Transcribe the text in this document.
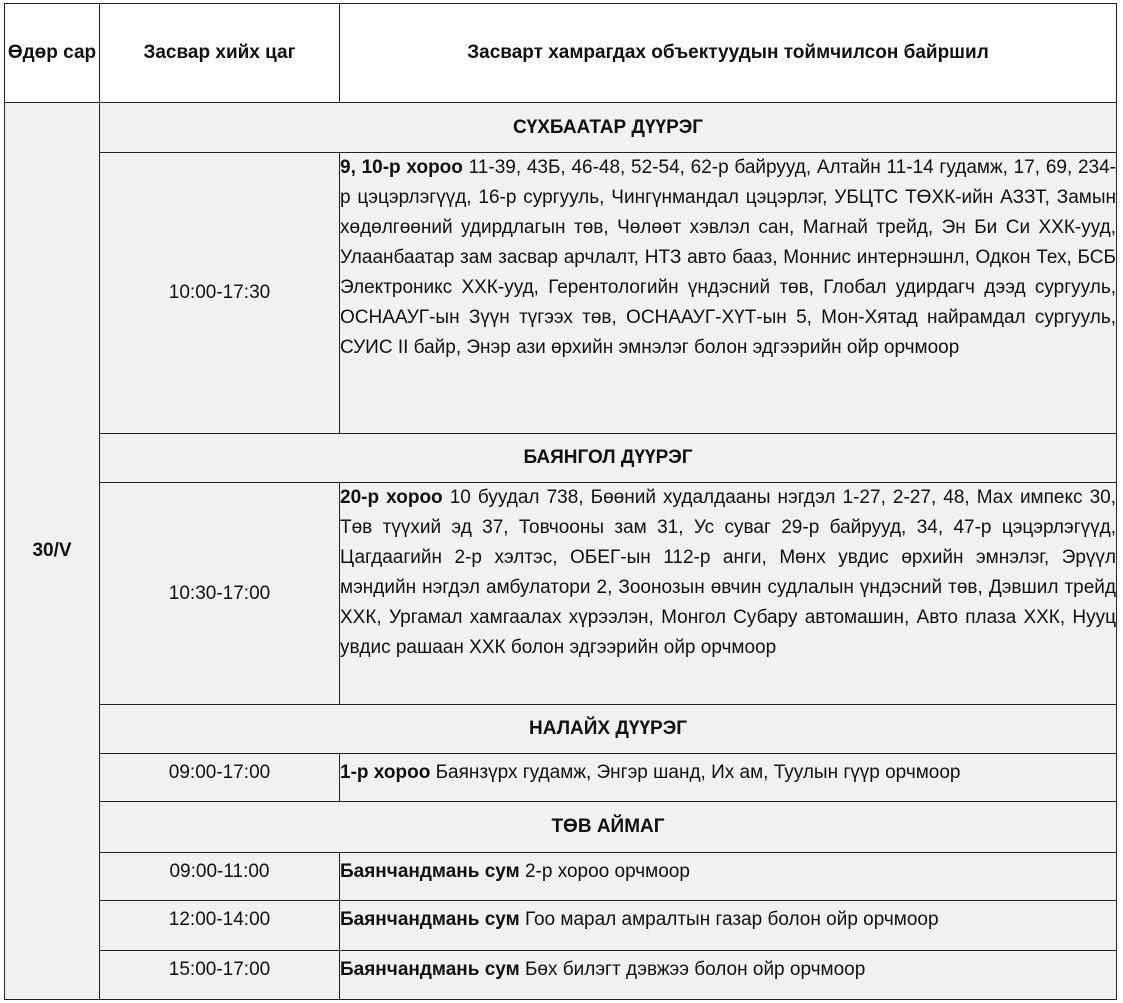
Өдөр сар	Засвар хийх цаг	Засварт хамрагдах объектуудын тоймчилсон байршил
30/V	СҮХБААТАР ДҮҮРЭГ	
	10:00-17:30	9, 10-р хороо 11-39, 43Б, 46-48, 52-54, 62-р байрууд, Алтайн 11-14 гудамж, 17, 69, 234-р цэцэрлэгүүд, 16-р сургууль, Чингүнмандал цэцэрлэг, УБЦТС ТӨХК-ийн АЗЗТ, Замын хөдөлгөөний удирдлагын төв, Чөлөөт хэвлэл сан, Магнай трейд, Эн Би Си ХХК-ууд, Улаанбаатар зам засвар арчлалт, НТЗ авто бааз, Моннис интернэшнл, Одкон Тех, БСБ Электроникс ХХК-ууд, Герентологийн үндэсний төв, Глобал удирдагч дээд сургууль, ОСНААУГ-ын Зүүн түгээх төв, ОСНААУГ-ХҮТ-ын 5, Мон-Хятад найрамдал сургууль, СУИС II байр, Энэр ази өрхийн эмнэлэг болон эдгээрийн ойр орчмоор
	БАЯНГОЛ ДҮҮРЭГ	
	10:30-17:00	20-р хороо 10 буудал 738, Бөөний худалдааны нэгдэл 1-27, 2-27, 48, Мах импекс 30, Төв түүхий эд 37, Товчооны зам 31, Ус суваг 29-р байрууд, 34, 47-р цэцэрлэгүүд, Цагдаагийн 2-р хэлтэс, ОБЕГ-ын 112-р анги, Мөнх увдис өрхийн эмнэлэг, Эрүүл мэндийн нэгдэл амбулатори 2, Зоонозын өвчин судлалын үндэсний төв, Дэвшил трейд ХХК, Ургамал хамгаалах хүрээлэн, Монгол Субару автомашин, Авто плаза ХХК, Нууц увдис рашаан ХХК болон эдгээрийн ойр орчмоор
	НАЛАЙХ ДҮҮРЭГ	
	09:00-17:00	1-р хороо Баянзүрх гудамж, Энгэр шанд, Их ам, Туулын гүүр орчмоор
	ТӨВ АЙМАГ	
	09:00-11:00	Баянчандмань сум 2-р хороо орчмоор
	12:00-14:00	Баянчандмань сум Гоо марал амралтын газар болон ойр орчмоор
	15:00-17:00	Баянчандмань сум Бөх билэгт дэвжээ болон ойр орчмоор
